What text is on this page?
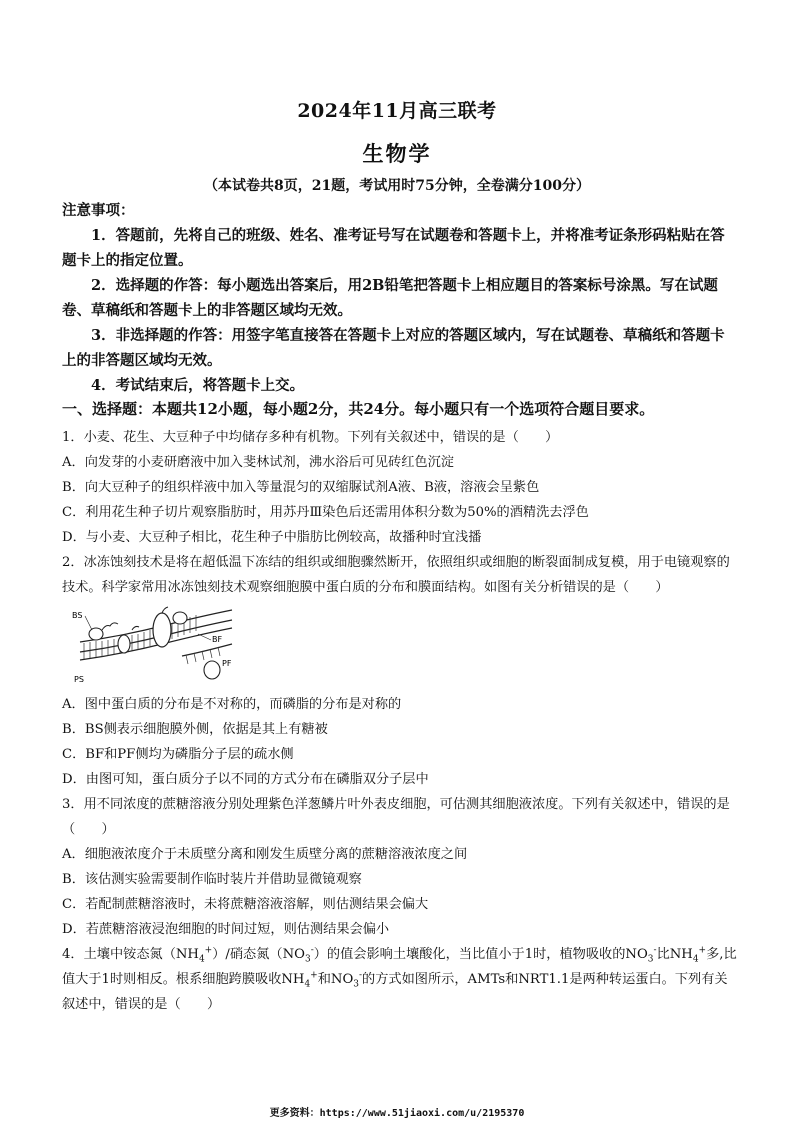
2024年11月高三联考
生物学
（本试卷共8页，21题，考试用时75分钟，全卷满分100分）

注意事项：

1．答题前，先将自己的班级、姓名、准考证号写在试题卷和答题卡上，并将准考证条形码粘贴在答题卡上的指定位置。

2．选择题的作答：每小题选出答案后，用2B铅笔把答题卡上相应题目的答案标号涂黑。写在试题卷、草稿纸和答题卡上的非答题区域均无效。

3．非选择题的作答：用签字笔直接答在答题卡上对应的答题区域内，写在试题卷、草稿纸和答题卡上的非答题区域均无效。

4．考试结束后，将答题卡上交。

一、选择题：本题共12小题，每小题2分，共24分。每小题只有一个选项符合题目要求。

1．小麦、花生、大豆种子中均储存多种有机物。下列有关叙述中，错误的是（　　）

A．向发芽的小麦研磨液中加入斐林试剂，沸水浴后可见砖红色沉淀

B．向大豆种子的组织样液中加入等量混匀的双缩脲试剂A液、B液，溶液会呈紫色

C．利用花生种子切片观察脂肪时，用苏丹Ⅲ染色后还需用体积分数为50%的酒精洗去浮色

D．与小麦、大豆种子相比，花生种子中脂肪比例较高，故播种时宜浅播

2．冰冻蚀刻技术是将在超低温下冻结的组织或细胞骤然断开，依照组织或细胞的断裂面制成复模，用于电镜观察的技术。科学家常用冰冻蚀刻技术观察细胞膜中蛋白质的分布和膜面结构。如图有关分析错误的是（　　）

BS
BF
PS
PF

A．图中蛋白质的分布是不对称的，而磷脂的分布是对称的

B．BS侧表示细胞膜外侧，依据是其上有糖被

C．BF和PF侧均为磷脂分子层的疏水侧

D．由图可知，蛋白质分子以不同的方式分布在磷脂双分子层中

3．用不同浓度的蔗糖溶液分别处理紫色洋葱鳞片叶外表皮细胞，可估测其细胞液浓度。下列有关叙述中，错误的是（　　）

A．细胞液浓度介于未质壁分离和刚发生质壁分离的蔗糖溶液浓度之间

B．该估测实验需要制作临时装片并借助显微镜观察

C．若配制蔗糖溶液时，未将蔗糖溶液溶解，则估测结果会偏大

D．若蔗糖溶液浸泡细胞的时间过短，则估测结果会偏小

4．土壤中铵态氮$(NH_4^+)/$硝态氮$(NO_3^-)$的值会影响土壤酸化，当比值小于1时，植物吸收的$NO_3^-$比$NH_4^+$多,比值大于1时则相反。根系细胞跨膜吸收$NH_4^+$和$NO_3^-$的方式如图所示，AMTs和NRT1.1是两种转运蛋白。下列有关叙述中，错误的是（　　）

更多资料：https://www.51jiaoxi.com/u/2195370
